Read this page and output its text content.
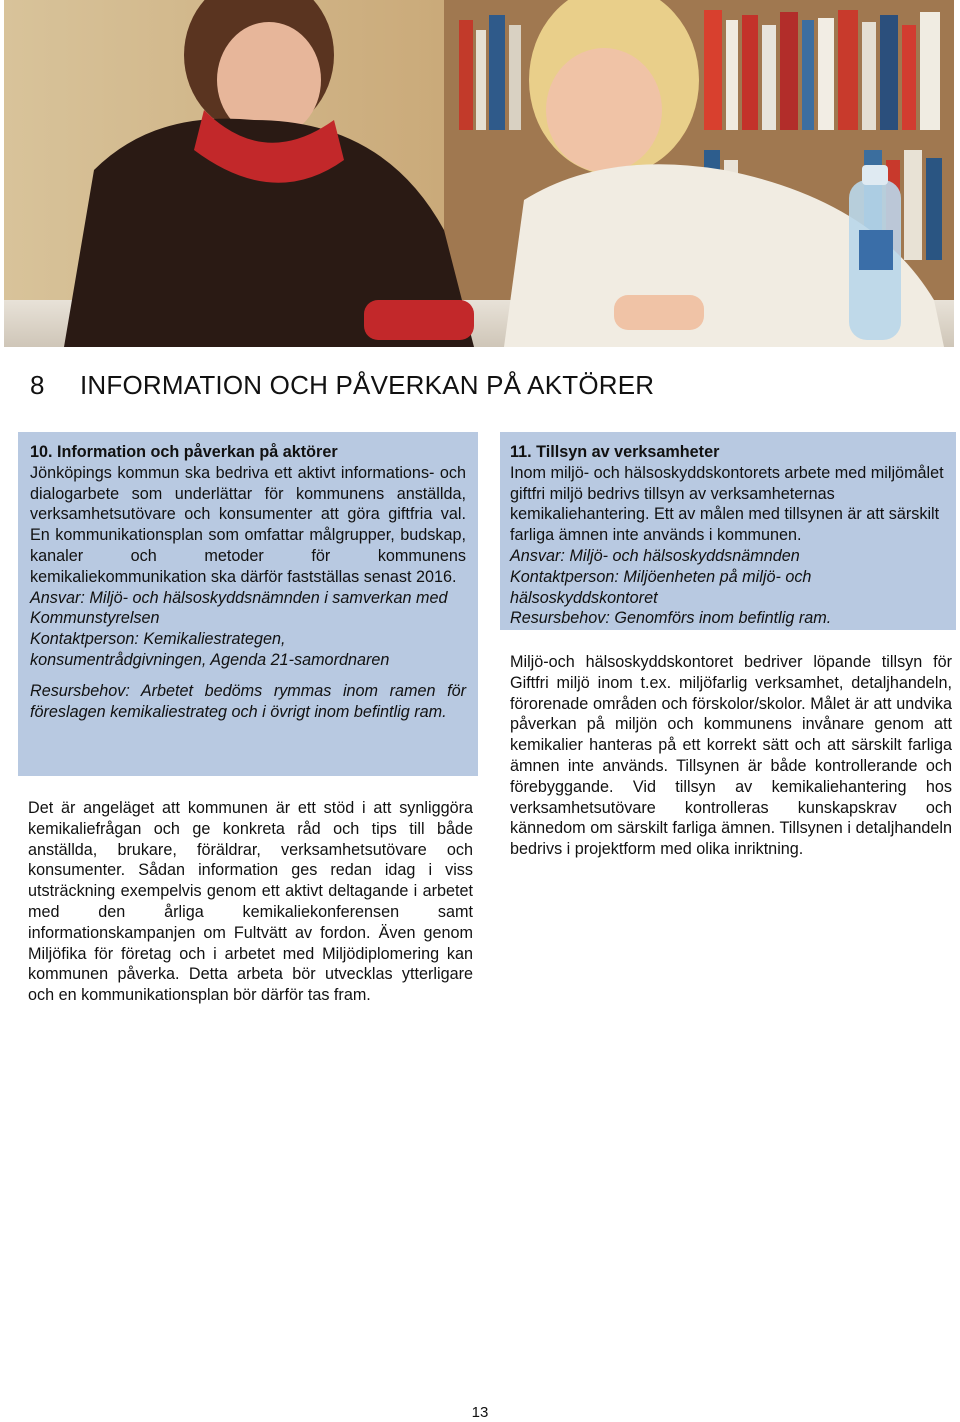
8 INFORMATION OCH PÅVERKAN PÅ AKTÖRER

10. Information och påverkan på aktörer

Jönköpings kommun ska bedriva ett aktivt informations- och dialogarbete som underlättar för kommunens anställda, verksamhetsutövare och konsumenter att göra giftfria val. En kommunikationsplan som omfattar målgrupper, budskap, kanaler och metoder för kommunens kemikaliekommunikation ska därför fastställas senast 2016.

Ansvar: Miljö- och hälsoskyddsnämnden i samverkan med Kommunstyrelsen

Kontaktperson: Kemikaliestrategen, konsumentrådgivningen, Agenda 21-samordnaren

Resursbehov: Arbetet bedöms rymmas inom ramen för föreslagen kemikaliestrateg och i övrigt inom befintlig ram.

Det är angeläget att kommunen är ett stöd i att synliggöra kemikaliefrågan och ge konkreta råd och tips till både anställda, brukare, föräldrar, verksamhetsutövare och konsumenter. Sådan information ges redan idag i viss utsträckning exempelvis genom ett aktivt deltagande i arbetet med den årliga kemikaliekonferensen samt informationskampanjen om Fultvätt av fordon. Även genom Miljöfika för företag och i arbetet med Miljödiplomering kan kommunen påverka. Detta arbeta bör utvecklas ytterligare och en kommunikationsplan bör därför tas fram.

11. Tillsyn av verksamheter

Inom miljö- och hälsoskyddskontorets arbete med miljömålet giftfri miljö bedrivs tillsyn av verksamheternas kemikaliehantering. Ett av målen med tillsynen är att särskilt farliga ämnen inte används i kommunen.

Ansvar: Miljö- och hälsoskyddsnämnden

Kontaktperson: Miljöenheten på miljö- och hälsoskyddskontoret

Resursbehov: Genomförs inom befintlig ram.

Miljö-och hälsoskyddskontoret bedriver löpande tillsyn för Giftfri miljö inom t.ex. miljöfarlig verksamhet, detaljhandeln, förorenade områden och förskolor/skolor. Målet är att undvika påverkan på miljön och kommunens invånare genom att kemikalier hanteras på ett korrekt sätt och att särskilt farliga ämnen inte används. Tillsynen är både kontrollerande och förebyggande. Vid tillsyn av kemikaliehantering hos verksamhetsutövare kontrolleras kunskapskrav och kännedom om särskilt farliga ämnen. Tillsynen i detaljhandeln bedrivs i projektform med olika inriktning.

13
